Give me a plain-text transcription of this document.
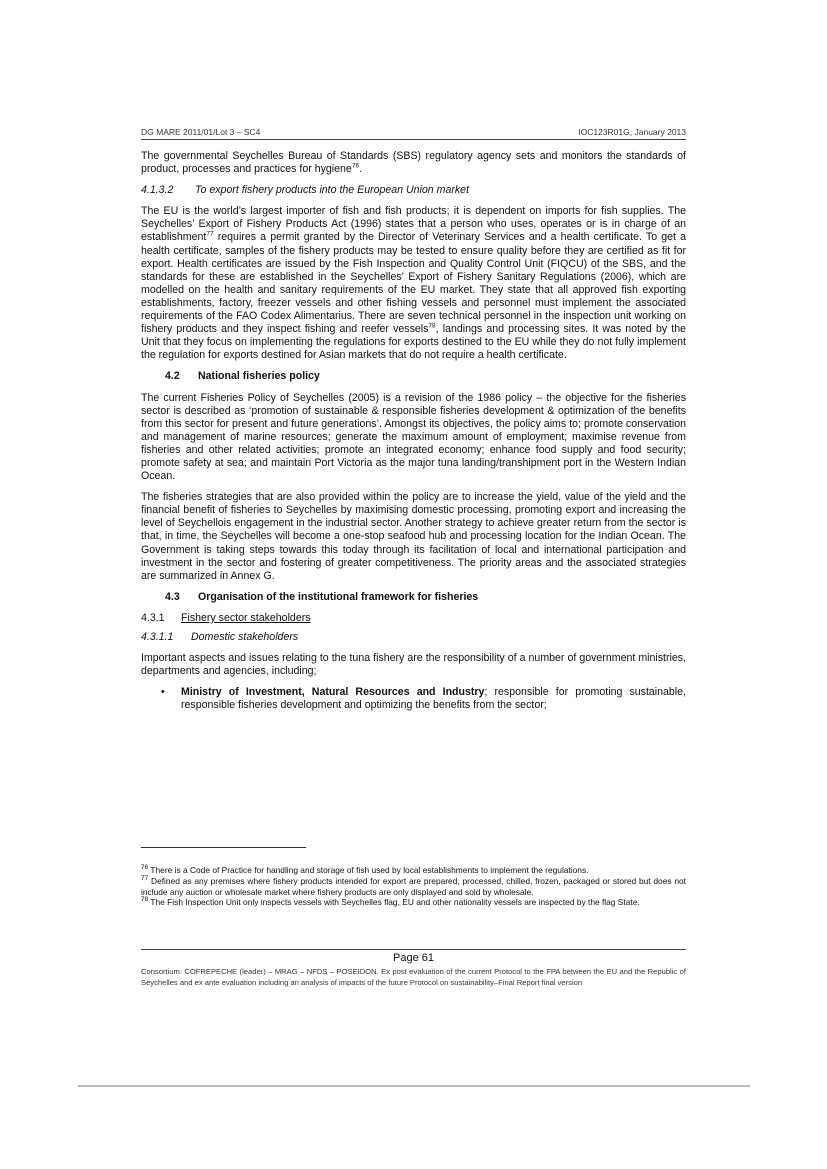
DG MARE 2011/01/Lot 3 – SC4	IOC123R01G, January 2013

The governmental Seychelles Bureau of Standards (SBS) regulatory agency sets and monitors the standards of product, processes and practices for hygiene$^{76}$.

4.1.3.2 To export fishery products into the European Union market

The EU is the world’s largest importer of fish and fish products; it is dependent on imports for fish supplies. The Seychelles’ Export of Fishery Products Act (1996) states that a person who uses, operates or is in charge of an establishment$^{77}$ requires a permit granted by the Director of Veterinary Services and a health certificate. To get a health certificate, samples of the fishery products may be tested to ensure quality before they are certified as fit for export. Health certificates are issued by the Fish Inspection and Quality Control Unit (FIQCU) of the SBS, and the standards for these are established in the Seychelles’ Export of Fishery Sanitary Regulations (2006), which are modelled on the health and sanitary requirements of the EU market. They state that all approved fish exporting establishments, factory, freezer vessels and other fishing vessels and personnel must implement the associated requirements of the FAO Codex Alimentarius. There are seven technical personnel in the inspection unit working on fishery products and they inspect fishing and reefer vessels$^{78}$, landings and processing sites. It was noted by the Unit that they focus on implementing the regulations for exports destined to the EU while they do not fully implement the regulation for exports destined for Asian markets that do not require a health certificate.

4.2 National fisheries policy

The current Fisheries Policy of Seychelles (2005) is a revision of the 1986 policy – the objective for the fisheries sector is described as ‘promotion of sustainable & responsible fisheries development & optimization of the benefits from this sector for present and future generations’. Amongst its objectives, the policy aims to; promote conservation and management of marine resources; generate the maximum amount of employment; maximise revenue from fisheries and other related activities; promote an integrated economy; enhance food supply and food security; promote safety at sea; and maintain Port Victoria as the major tuna landing/transhipment port in the Western Indian Ocean.

The fisheries strategies that are also provided within the policy are to increase the yield, value of the yield and the financial benefit of fisheries to Seychelles by maximising domestic processing, promoting export and increasing the level of Seychellois engagement in the industrial sector. Another strategy to achieve greater return from the sector is that, in time, the Seychelles will become a one-stop seafood hub and processing location for the Indian Ocean. The Government is taking steps towards this today through its facilitation of local and international participation and investment in the sector and fostering of greater competitiveness. The priority areas and the associated strategies are summarized in Annex G.

4.3 Organisation of the institutional framework for fisheries
4.3.1 Fishery sector stakeholders
4.3.1.1 Domestic stakeholders

Important aspects and issues relating to the tuna fishery are the responsibility of a number of government ministries, departments and agencies, including;

•	Ministry of Investment, Natural Resources and Industry; responsible for promoting sustainable, responsible fisheries development and optimizing the benefits from the sector;
$^{76}$ There is a Code of Practice for handling and storage of fish used by local establishments to implement the regulations.
$^{77}$ Defined as any premises where fishery products intended for export are prepared, processed, chilled, frozen, packaged or stored but does not include any auction or wholesale market where fishery products are only displayed and sold by wholesale.
$^{78}$ The Fish Inspection Unit only inspects vessels with Seychelles flag, EU and other nationality vessels are inspected by the flag State.
Page 61
Consortium: COFREPECHE (leader) – MRAG – NFDS – POSEIDON. Ex post evaluation of the current Protocol to the FPA between the EU and the Republic of Seychelles and ex ante evaluation including an analysis of impacts of the future Protocol on sustainability–Final Report final version
